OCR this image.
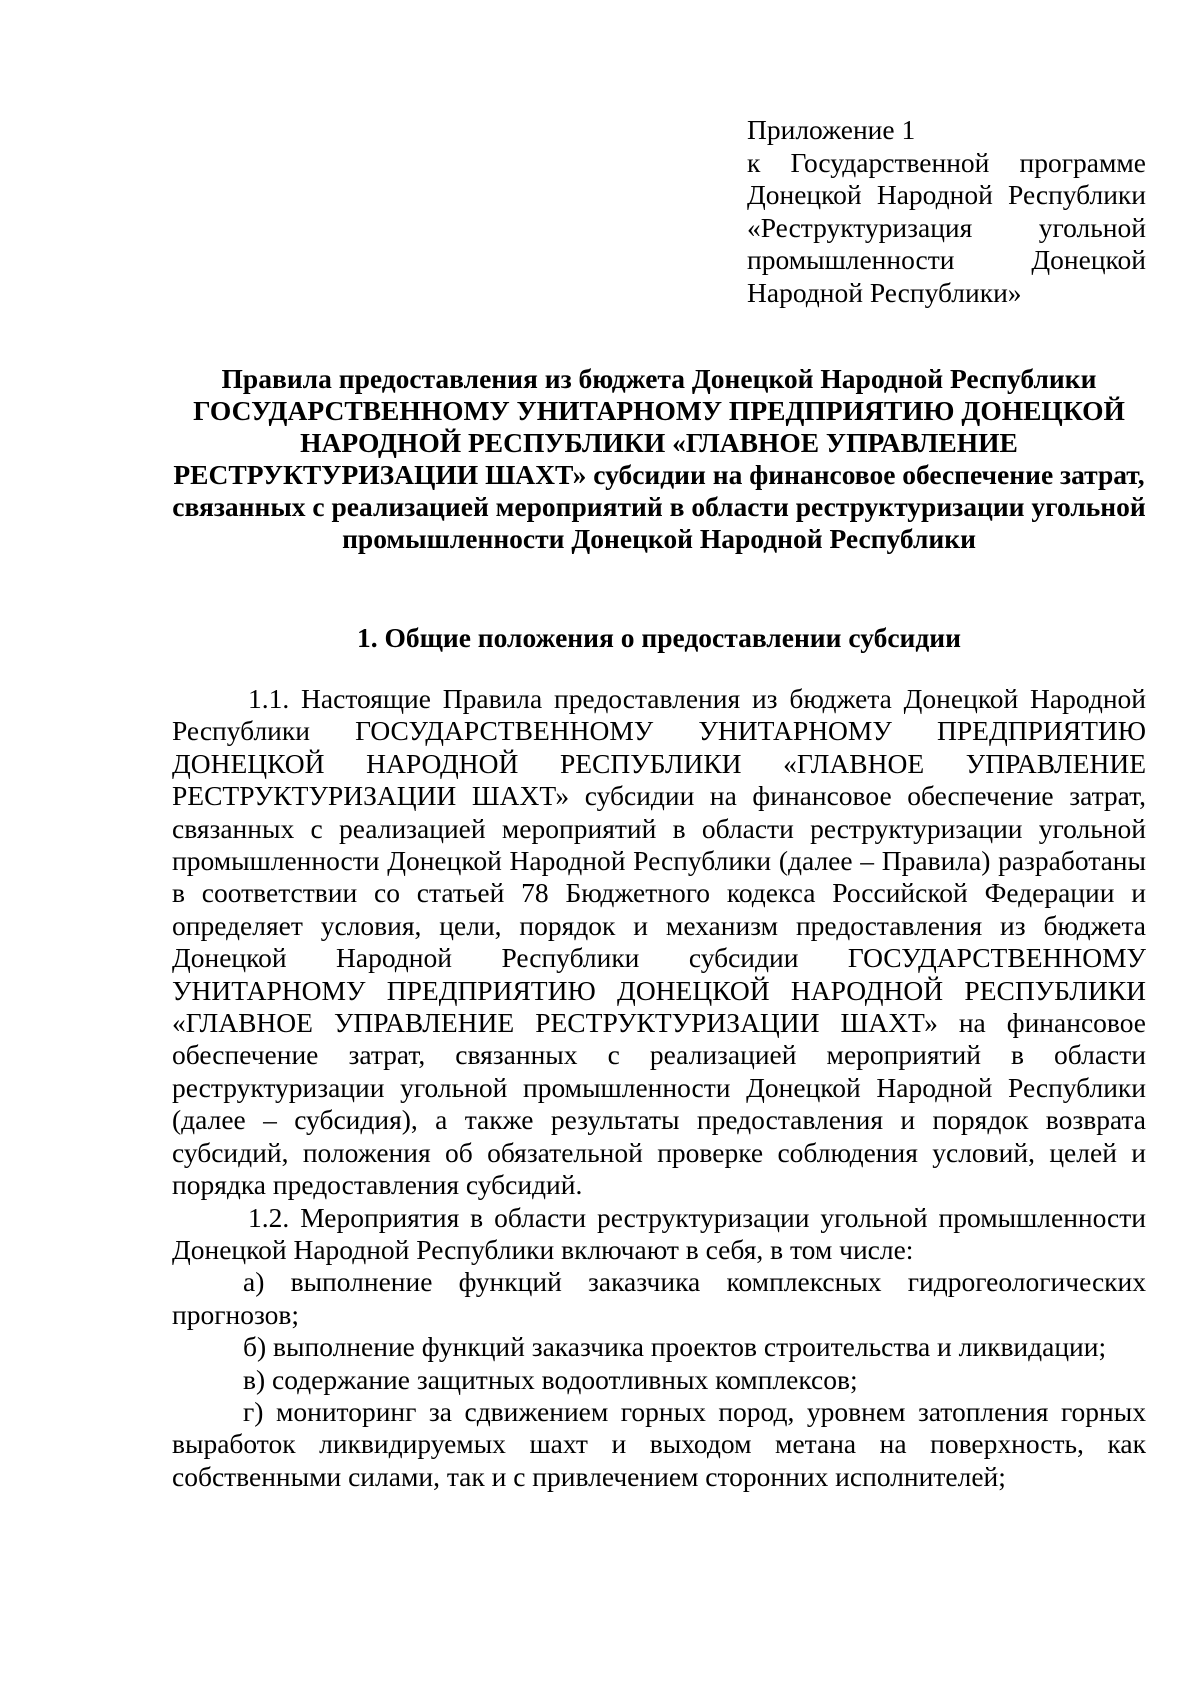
Приложение 1
к Государственной программе Донецкой Народной Республики «Реструктуризация угольной промышленности Донецкой Народной Республики»
Правила предоставления из бюджета Донецкой Народной Республики ГОСУДАРСТВЕННОМУ УНИТАРНОМУ ПРЕДПРИЯТИЮ ДОНЕЦКОЙ НАРОДНОЙ РЕСПУБЛИКИ «ГЛАВНОЕ УПРАВЛЕНИЕ РЕСТРУКТУРИЗАЦИИ ШАХТ» субсидии на финансовое обеспечение затрат, связанных с реализацией мероприятий в области реструктуризации угольной промышленности Донецкой Народной Республики
1. Общие положения о предоставлении субсидии

1.1. Настоящие Правила предоставления из бюджета Донецкой Народной Республики ГОСУДАРСТВЕННОМУ УНИТАРНОМУ ПРЕДПРИЯТИЮ ДОНЕЦКОЙ НАРОДНОЙ РЕСПУБЛИКИ «ГЛАВНОЕ УПРАВЛЕНИЕ РЕСТРУКТУРИЗАЦИИ ШАХТ» субсидии на финансовое обеспечение затрат, связанных с реализацией мероприятий в области реструктуризации угольной промышленности Донецкой Народной Республики (далее – Правила) разработаны в соответствии со статьей 78 Бюджетного кодекса Российской Федерации и определяет условия, цели, порядок и механизм предоставления из бюджета Донецкой Народной Республики субсидии ГОСУДАРСТВЕННОМУ УНИТАРНОМУ ПРЕДПРИЯТИЮ ДОНЕЦКОЙ НАРОДНОЙ РЕСПУБЛИКИ «ГЛАВНОЕ УПРАВЛЕНИЕ РЕСТРУКТУРИЗАЦИИ ШАХТ» на финансовое обеспечение затрат, связанных с реализацией мероприятий в области реструктуризации угольной промышленности Донецкой Народной Республики (далее – субсидия), а также результаты предоставления и порядок возврата субсидий, положения об обязательной проверке соблюдения условий, целей и порядка предоставления субсидий.

1.2. Мероприятия в области реструктуризации угольной промышленности Донецкой Народной Республики включают в себя, в том числе:

а) выполнение функций заказчика комплексных гидрогеологических прогнозов;

б) выполнение функций заказчика проектов строительства и ликвидации;

в) содержание защитных водоотливных комплексов;

г) мониторинг за сдвижением горных пород, уровнем затопления горных выработок ликвидируемых шахт и выходом метана на поверхность, как собственными силами, так и с привлечением сторонних исполнителей;
